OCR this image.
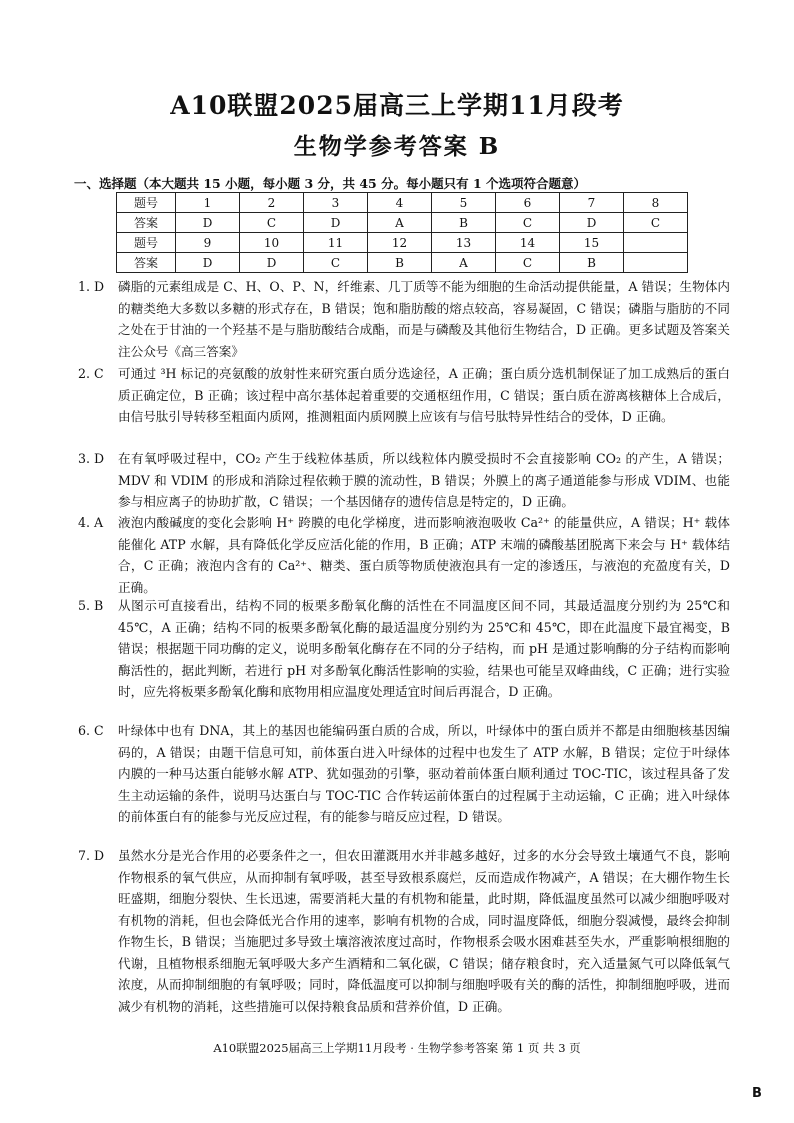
A10联盟2025届高三上学期11月段考
生物学参考答案 B
一、选择题（本大题共 15 小题，每小题 3 分，共 45 分。每小题只有 1 个选项符合题意）
题号	1	2	3	4	5	6	7	8
答案	D	C	D	A	B	C	D	C
题号	9	10	11	12	13	14	15	
答案	D	D	C	B	A	C	B	
1. D	磷脂的元素组成是 C、H、O、P、N，纤维素、几丁质等不能为细胞的生命活动提供能量，A 错误；生物体内的糖类绝大多数以多糖的形式存在，B 错误；饱和脂肪酸的熔点较高，容易凝固，C 错误；磷脂与脂肪的不同之处在于甘油的一个羟基不是与脂肪酸结合成酯，而是与磷酸及其他衍生物结合，D 正确。更多试题及答案关注公众号《高三答案》
2. C	可通过 ³H 标记的亮氨酸的放射性来研究蛋白质分选途径，A 正确；蛋白质分选机制保证了加工成熟后的蛋白质正确定位，B 正确；该过程中高尔基体起着重要的交通枢纽作用，C 错误；蛋白质在游离核糖体上合成后，由信号肽引导转移至粗面内质网，推测粗面内质网膜上应该有与信号肽特异性结合的受体，D 正确。
3. D	在有氧呼吸过程中，CO₂ 产生于线粒体基质，所以线粒体内膜受损时不会直接影响 CO₂ 的产生，A 错误；MDV 和 VDIM 的形成和消除过程依赖于膜的流动性，B 错误；外膜上的离子通道能参与形成 VDIM、也能参与相应离子的协助扩散，C 错误；一个基因储存的遗传信息是特定的，D 正确。
4. A	液泡内酸碱度的变化会影响 H⁺ 跨膜的电化学梯度，进而影响液泡吸收 Ca²⁺ 的能量供应，A 错误；H⁺ 载体能催化 ATP 水解，具有降低化学反应活化能的作用，B 正确；ATP 末端的磷酸基团脱离下来会与 H⁺ 载体结合，C 正确；液泡内含有的 Ca²⁺、糖类、蛋白质等物质使液泡具有一定的渗透压，与液泡的充盈度有关，D 正确。
5. B	从图示可直接看出，结构不同的板栗多酚氧化酶的活性在不同温度区间不同，其最适温度分别约为 25℃和 45℃，A 正确；结构不同的板栗多酚氧化酶的最适温度分别约为 25℃和 45℃，即在此温度下最宜褐变，B 错误；根据题干同功酶的定义，说明多酚氧化酶存在不同的分子结构，而 pH 是通过影响酶的分子结构而影响酶活性的，据此判断，若进行 pH 对多酚氧化酶活性影响的实验，结果也可能呈双峰曲线，C 正确；进行实验时，应先将板栗多酚氧化酶和底物用相应温度处理适宜时间后再混合，D 正确。
6. C	叶绿体中也有 DNA，其上的基因也能编码蛋白质的合成，所以，叶绿体中的蛋白质并不都是由细胞核基因编码的，A 错误；由题干信息可知，前体蛋白进入叶绿体的过程中也发生了 ATP 水解，B 错误；定位于叶绿体内膜的一种马达蛋白能够水解 ATP、犹如强劲的引擎，驱动着前体蛋白顺利通过 TOC-TIC，该过程具备了发生主动运输的条件，说明马达蛋白与 TOC-TIC 合作转运前体蛋白的过程属于主动运输，C 正确；进入叶绿体的前体蛋白有的能参与光反应过程，有的能参与暗反应过程，D 错误。
7. D	虽然水分是光合作用的必要条件之一，但农田灌溉用水并非越多越好，过多的水分会导致土壤通气不良，影响作物根系的氧气供应，从而抑制有氧呼吸，甚至导致根系腐烂，反而造成作物减产，A 错误；在大棚作物生长旺盛期，细胞分裂快、生长迅速，需要消耗大量的有机物和能量，此时期，降低温度虽然可以减少细胞呼吸对有机物的消耗，但也会降低光合作用的速率，影响有机物的合成，同时温度降低，细胞分裂减慢，最终会抑制作物生长，B 错误；当施肥过多导致土壤溶液浓度过高时，作物根系会吸水困难甚至失水，严重影响根细胞的代谢，且植物根系细胞无氧呼吸大多产生酒精和二氧化碳，C 错误；储存粮食时，充入适量氮气可以降低氧气浓度，从而抑制细胞的有氧呼吸；同时，降低温度可以抑制与细胞呼吸有关的酶的活性，抑制细胞呼吸，进而减少有机物的消耗，这些措施可以保持粮食品质和营养价值，D 正确。
A10联盟2025届高三上学期11月段考 · 生物学参考答案 第 1 页 共 3 页
B
